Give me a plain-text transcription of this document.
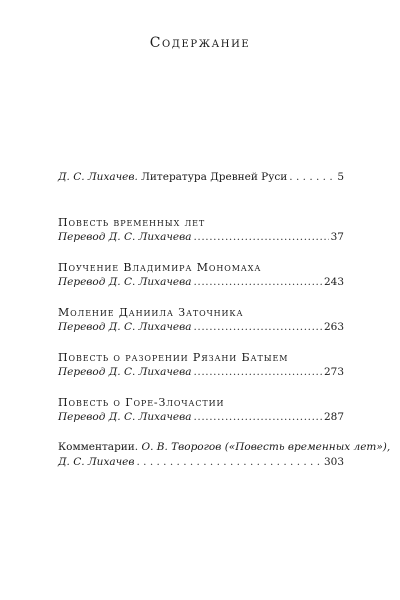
Содержание
Д. С. Лихачев. Литература Древней Руси . . .	5
Повесть временных лет
Перевод Д. С. Лихачева .....	37
Поучение Владимира Мономаха
Перевод Д. С. Лихачева .....	243
Моление Даниила Заточника
Перевод Д. С. Лихачева .....	263
Повесть о разорении Рязани Батыем
Перевод Д. С. Лихачева .....	273
Повесть о Горе-Злочастии
Перевод Д. С. Лихачева .....	287
Комментарии. О. В. Творогов («Повесть временных лет»),
Д. С. Лихачев . . .	303
